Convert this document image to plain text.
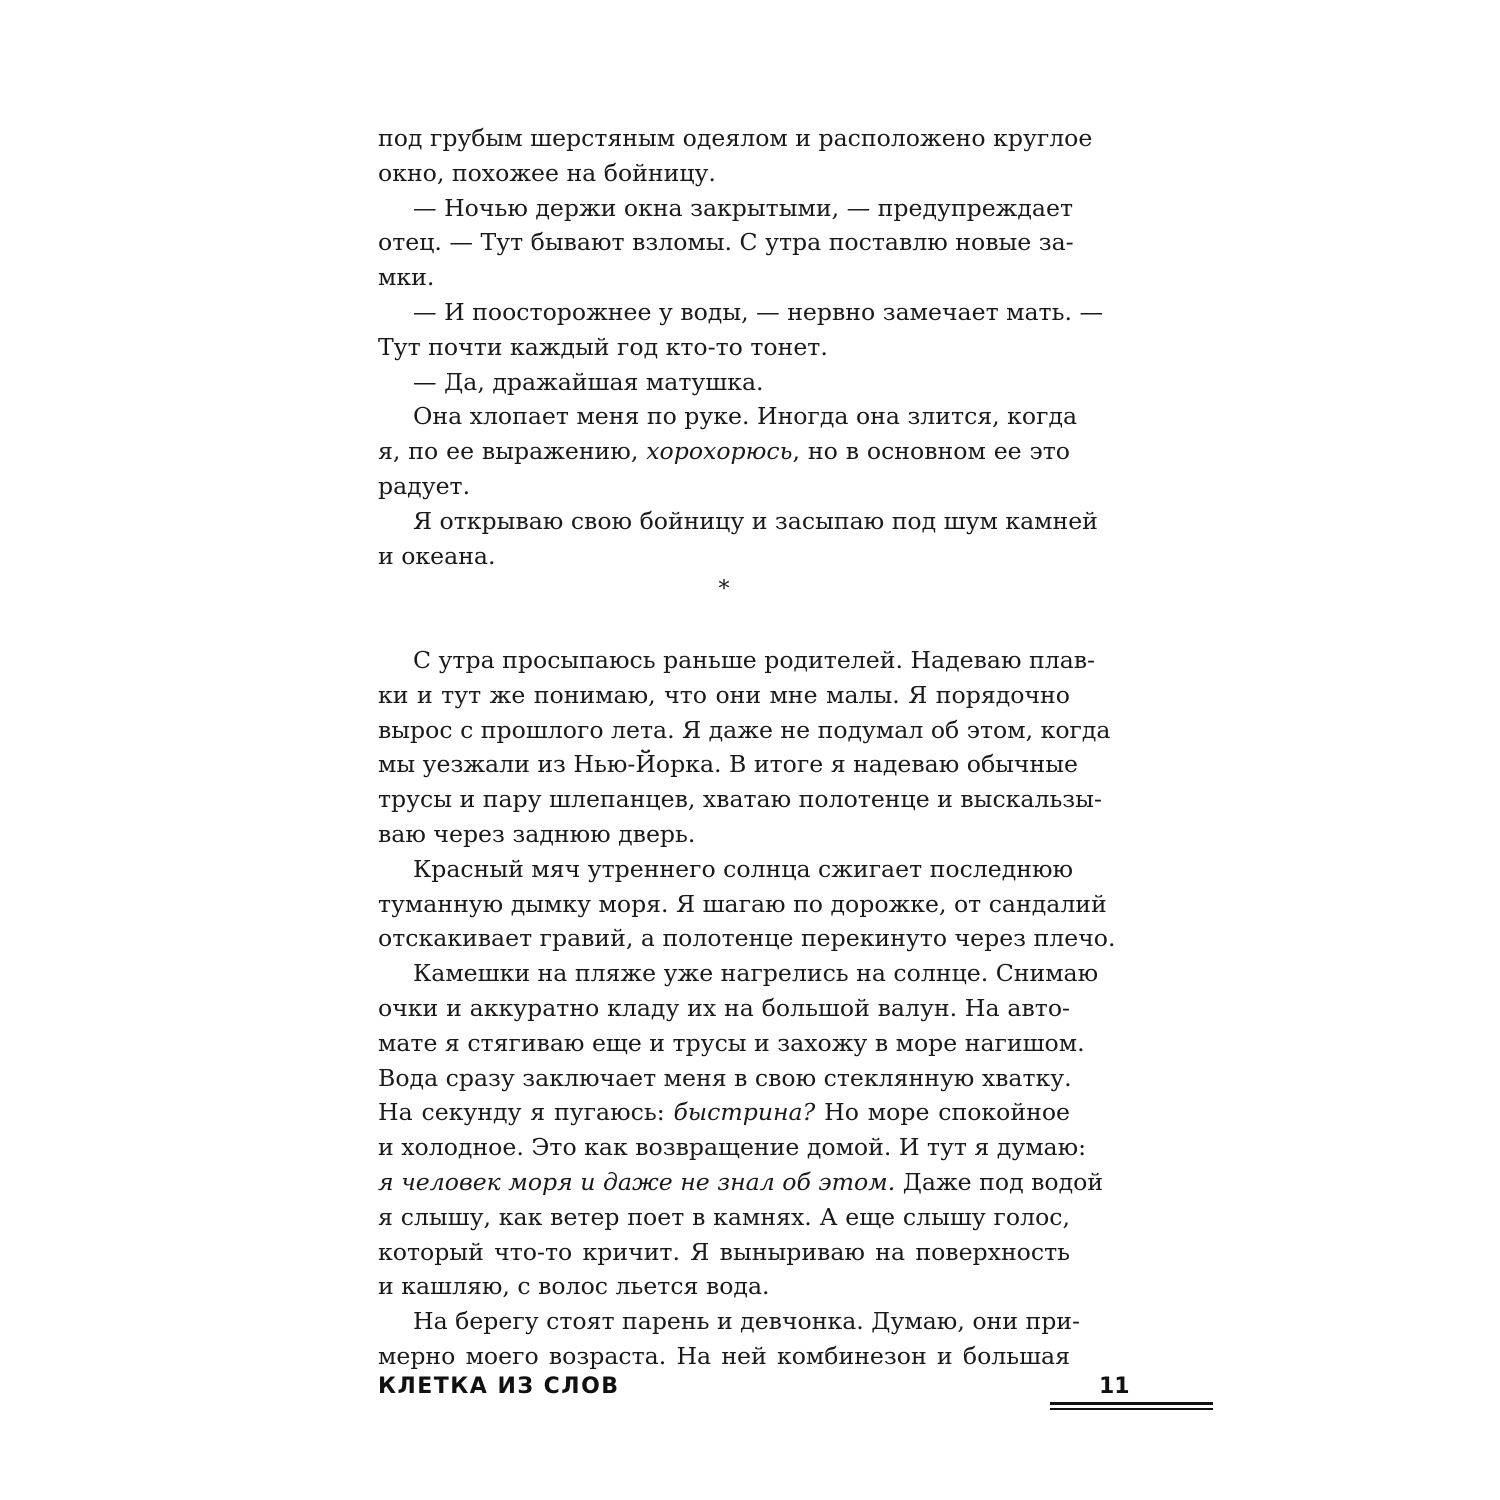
под грубым шерстяным одеялом и расположено круглое
окно, похожее на бойницу.
— Ночью держи окна закрытыми, — предупреждает
отец. — Тут бывают взломы. С утра поставлю новые за-
мки.
— И поосторожнее у воды, — нервно замечает мать. —
Тут почти каждый год кто-то тонет.
— Да, дражайшая матушка.
Она хлопает меня по руке. Иногда она злится, когда
я, по ее выражению, хорохорюсь, но в основном ее это
радует.
Я открываю свою бойницу и засыпаю под шум камней
и океана.
*
С утра просыпаюсь раньше родителей. Надеваю плав-
ки и тут же понимаю, что они мне малы. Я порядочно
вырос с прошлого лета. Я даже не подумал об этом, когда
мы уезжали из Нью-Йорка. В итоге я надеваю обычные
трусы и пару шлепанцев, хватаю полотенце и выскальзы-
ваю через заднюю дверь.
Красный мяч утреннего солнца сжигает последнюю
туманную дымку моря. Я шагаю по дорожке, от сандалий
отскакивает гравий, а полотенце перекинуто через плечо.
Камешки на пляже уже нагрелись на солнце. Снимаю
очки и аккуратно кладу их на большой валун. На авто-
мате я стягиваю еще и трусы и захожу в море нагишом.
Вода сразу заключает меня в свою стеклянную хватку.
На секунду я пугаюсь: быстрина? Но море спокойное
и холодное. Это как возвращение домой. И тут я думаю:
я человек моря и даже не знал об этом. Даже под водой
я слышу, как ветер поет в камнях. А еще слышу голос,
который что-то кричит. Я выныриваю на поверхность
и кашляю, с волос льется вода.
На берегу стоят парень и девчонка. Думаю, они при-
мерно моего возраста. На ней комбинезон и большая
КЛЕТКА ИЗ СЛОВ	11
